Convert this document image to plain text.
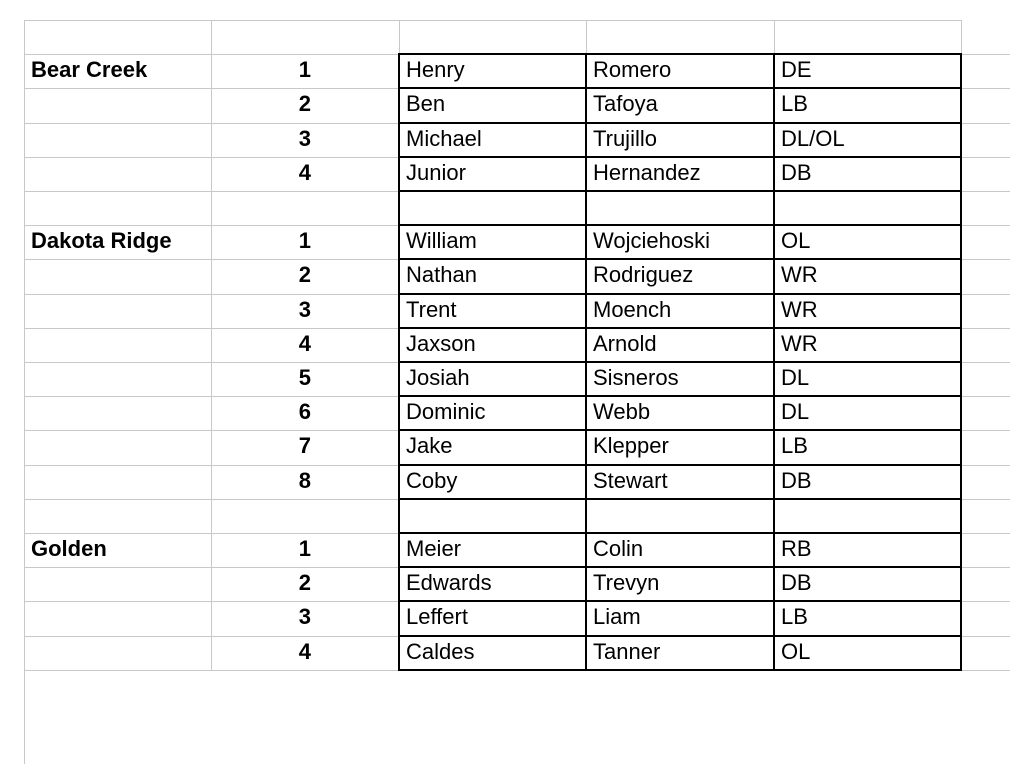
Bear Creek	1	Henry	Romero	DE
2	Ben	Tafoya	LB
3	Michael	Trujillo	DL/OL
4	Junior	Hernandez	DB
Dakota Ridge	1	William	Wojciehoski	OL
2	Nathan	Rodriguez	WR
3	Trent	Moench	WR
4	Jaxson	Arnold	WR
5	Josiah	Sisneros	DL
6	Dominic	Webb	DL
7	Jake	Klepper	LB
8	Coby	Stewart	DB
Golden	1	Meier	Colin	RB
2	Edwards	Trevyn	DB
3	Leffert	Liam	LB
4	Caldes	Tanner	OL
